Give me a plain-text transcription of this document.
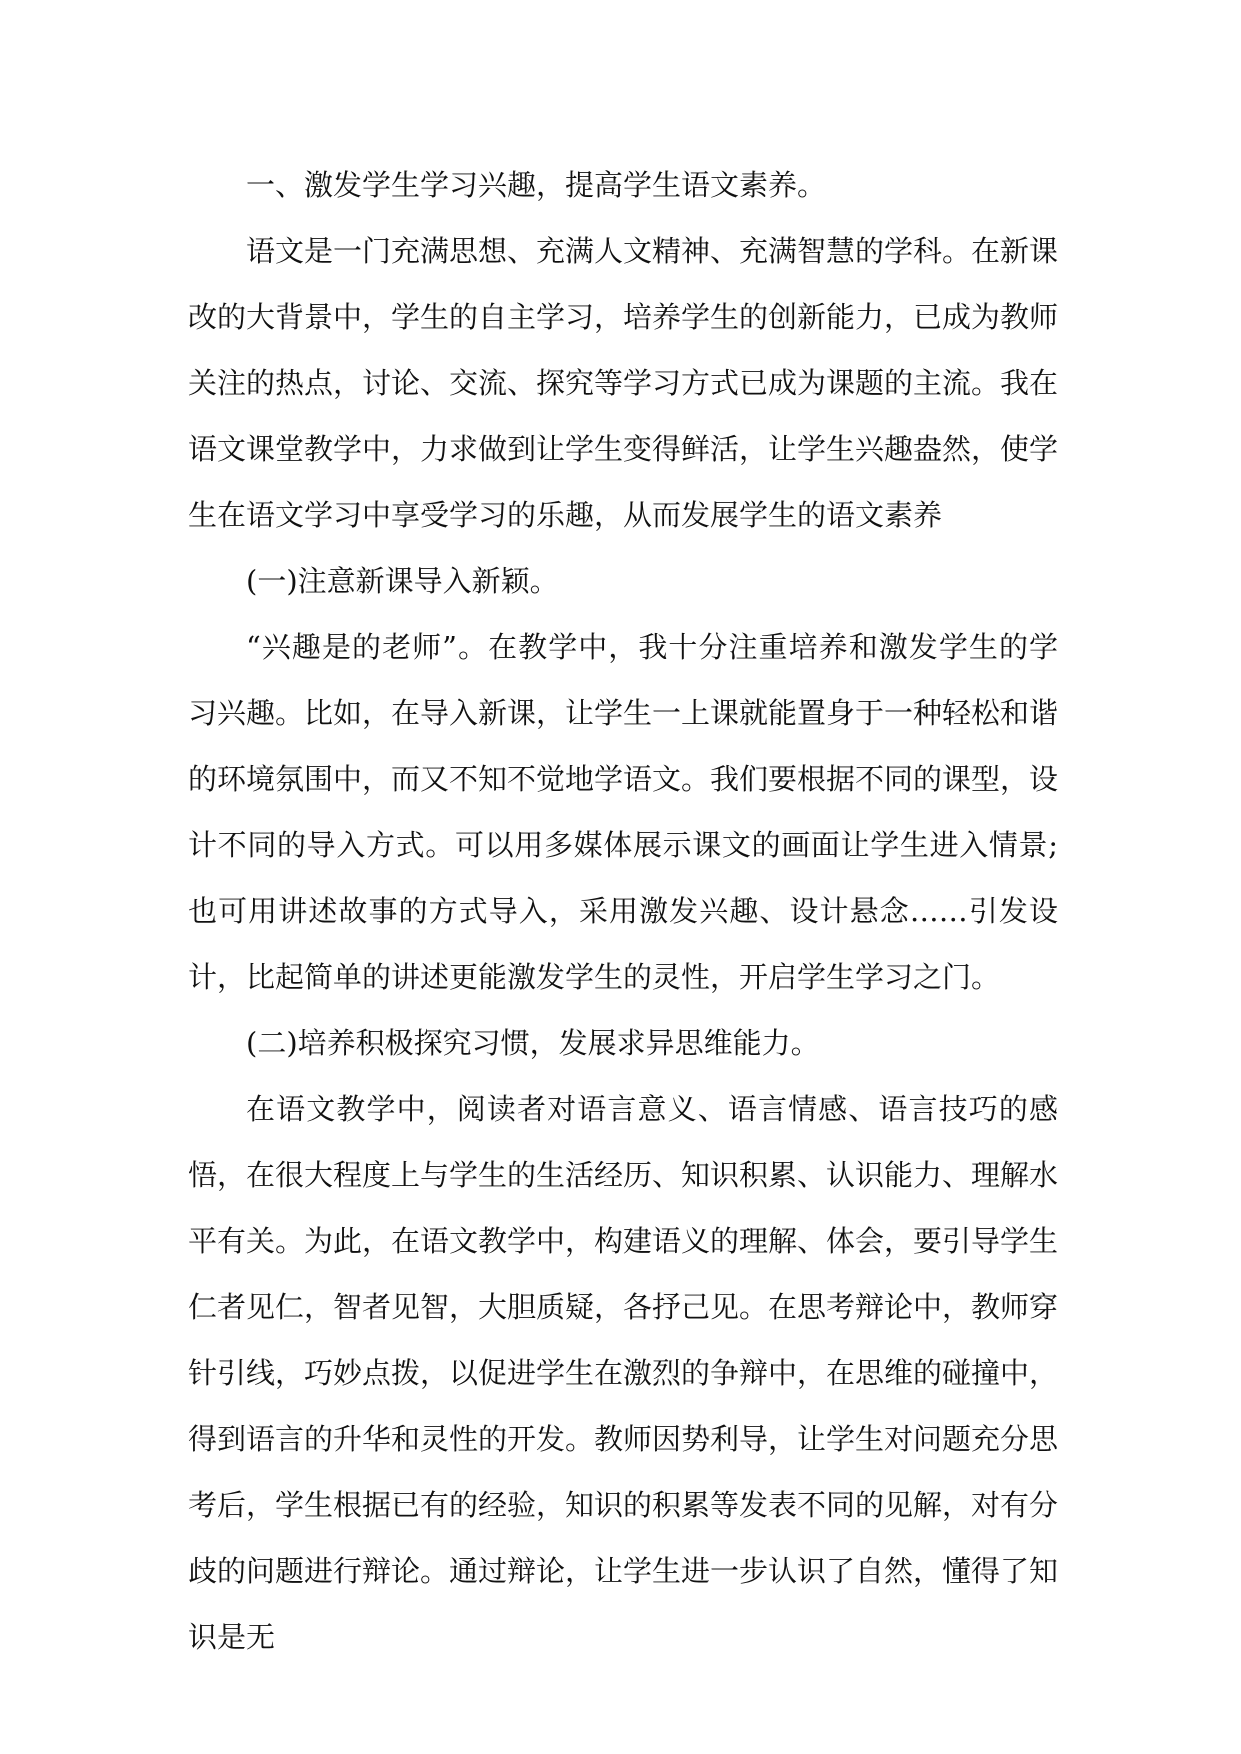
一、激发学生学习兴趣，提高学生语文素养。

语文是一门充满思想、充满人文精神、充满智慧的学科。在新课改的大背景中，学生的自主学习，培养学生的创新能力，已成为教师关注的热点，讨论、交流、探究等学习方式已成为课题的主流。我在语文课堂教学中，力求做到让学生变得鲜活，让学生兴趣盎然，使学生在语文学习中享受学习的乐趣，从而发展学生的语文素养

(一)注意新课导入新颖。

“兴趣是的老师”。在教学中，我十分注重培养和激发学生的学习兴趣。比如，在导入新课，让学生一上课就能置身于一种轻松和谐的环境氛围中，而又不知不觉地学语文。我们要根据不同的课型，设计不同的导入方式。可以用多媒体展示课文的画面让学生进入情景;也可用讲述故事的方式导入，采用激发兴趣、设计悬念……引发设计，比起简单的讲述更能激发学生的灵性，开启学生学习之门。

(二)培养积极探究习惯，发展求异思维能力。

在语文教学中，阅读者对语言意义、语言情感、语言技巧的感悟，在很大程度上与学生的生活经历、知识积累、认识能力、理解水平有关。为此，在语文教学中，构建语义的理解、体会，要引导学生仁者见仁，智者见智，大胆质疑，各抒己见。在思考辩论中，教师穿针引线，巧妙点拨，以促进学生在激烈的争辩中，在思维的碰撞中，得到语言的升华和灵性的开发。教师因势利导，让学生对问题充分思考后，学生根据已有的经验，知识的积累等发表不同的见解，对有分歧的问题进行辩论。通过辩论，让学生进一步认识了自然，懂得了知识是无
